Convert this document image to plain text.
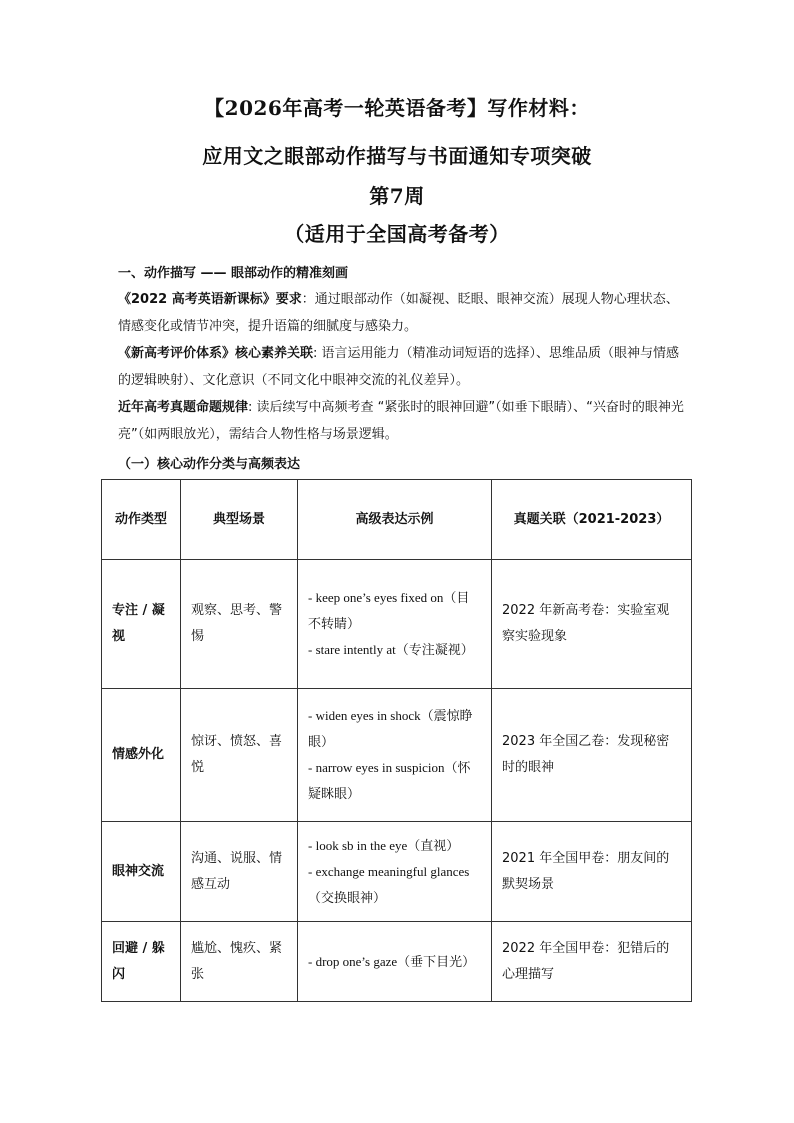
【2026年高考一轮英语备考】写作材料：
应用文之眼部动作描写与书面通知专项突破
第7周
（适用于全国高考备考）
一、动作描写 —— 眼部动作的精准刻画
《2022 高考英语新课标》要求：通过眼部动作（如凝视、眨眼、眼神交流）展现人物心理状态、情感变化或情节冲突，提升语篇的细腻度与感染力。
《新高考评价体系》核心素养关联: 语言运用能力（精准动词短语的选择）、思维品质（眼神与情感的逻辑映射）、文化意识（不同文化中眼神交流的礼仪差异）。
近年高考真题命题规律: 读后续写中高频考查 “紧张时的眼神回避”（如垂下眼睛）、“兴奋时的眼神光亮”（如两眼放光），需结合人物性格与场景逻辑。
（一）核心动作分类与高频表达
动作类型	典型场景	高级表达示例	真题关联（2021-2023）
专注 / 凝视	观察、思考、警惕	- keep one’s eyes fixed on（目不转睛）
- stare intently at（专注凝视）	2022 年新高考卷：实验室观察实验现象
情感外化	惊讶、愤怒、喜悦	- widen eyes in shock（震惊睁眼）
- narrow eyes in suspicion（怀疑眯眼）	2023 年全国乙卷：发现秘密时的眼神
眼神交流	沟通、说服、情感互动	- look sb in the eye（直视）
- exchange meaningful glances（交换眼神）	2021 年全国甲卷：朋友间的默契场景
回避 / 躲闪	尴尬、愧疚、紧张	- drop one’s gaze（垂下目光）	2022 年全国甲卷：犯错后的心理描写
